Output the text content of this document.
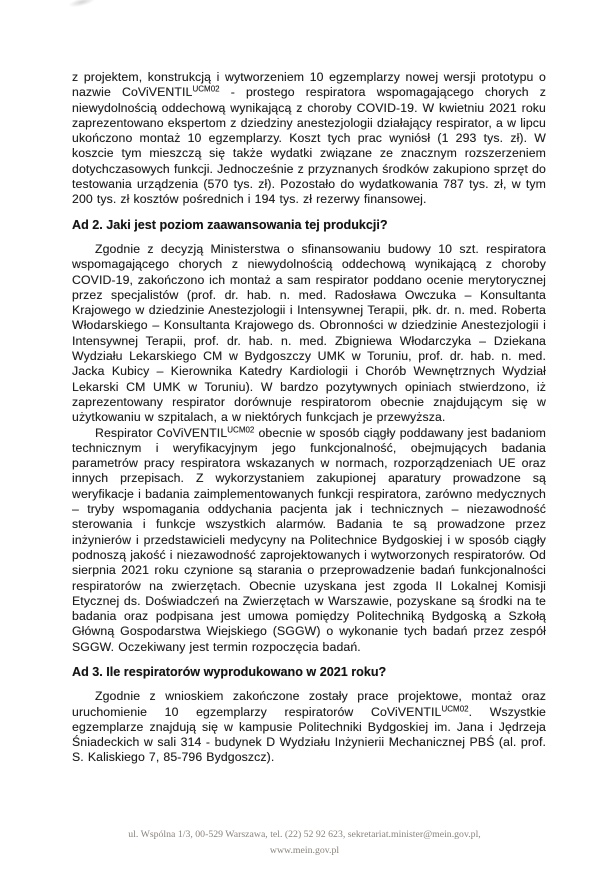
z projektem, konstrukcją i wytworzeniem 10 egzemplarzy nowej wersji prototypu o nazwie CoViVENTIL$^{UCM02}$ - prostego respiratora wspomagającego chorych z niewydolnością oddechową wynikającą z choroby COVID-19. W kwietniu 2021 roku zaprezentowano ekspertom z dziedziny anestezjologii działający respirator, a w lipcu ukończono montaż 10 egzemplarzy. Koszt tych prac wyniósł (1 293 tys. zł). W koszcie tym mieszczą się także wydatki związane ze znacznym rozszerzeniem dotychczasowych funkcji. Jednocześnie z przyznanych środków zakupiono sprzęt do testowania urządzenia (570 tys. zł). Pozostało do wydatkowania 787 tys. zł, w tym 200 tys. zł kosztów pośrednich i 194 tys. zł rezerwy finansowej.

Ad 2. Jaki jest poziom zaawansowania tej produkcji?

Zgodnie z decyzją Ministerstwa o sfinansowaniu budowy 10 szt. respiratora wspomagającego chorych z niewydolnością oddechową wynikającą z choroby COVID-19, zakończono ich montaż a sam respirator poddano ocenie merytorycznej przez specjalistów (prof. dr. hab. n. med. Radosława Owczuka – Konsultanta Krajowego w dziedzinie Anestezjologii i Intensywnej Terapii, płk. dr. n. med. Roberta Włodarskiego – Konsultanta Krajowego ds. Obronności w dziedzinie Anestezjologii i Intensywnej Terapii, prof. dr. hab. n. med. Zbigniewa Włodarczyka – Dziekana Wydziału Lekarskiego CM w Bydgoszczy UMK w Toruniu, prof. dr. hab. n. med. Jacka Kubicy – Kierownika Katedry Kardiologii i Chorób Wewnętrznych Wydział Lekarski CM UMK w Toruniu). W bardzo pozytywnych opiniach stwierdzono, iż zaprezentowany respirator dorównuje respiratorom obecnie znajdującym się w użytkowaniu w szpitalach, a w niektórych funkcjach je przewyższa.

Respirator CoViVENTIL$^{UCM02}$ obecnie w sposób ciągły poddawany jest badaniom technicznym i weryfikacyjnym jego funkcjonalność, obejmujących badania parametrów pracy respiratora wskazanych w normach, rozporządzeniach UE oraz innych przepisach. Z wykorzystaniem zakupionej aparatury prowadzone są weryfikacje i badania zaimplementowanych funkcji respiratora, zarówno medycznych – tryby wspomagania oddychania pacjenta jak i technicznych – niezawodność sterowania i funkcje wszystkich alarmów. Badania te są prowadzone przez inżynierów i przedstawicieli medycyny na Politechnice Bydgoskiej i w sposób ciągły podnoszą jakość i niezawodność zaprojektowanych i wytworzonych respiratorów. Od sierpnia 2021 roku czynione są starania o przeprowadzenie badań funkcjonalności respiratorów na zwierzętach. Obecnie uzyskana jest zgoda II Lokalnej Komisji Etycznej ds. Doświadczeń na Zwierzętach w Warszawie, pozyskane są środki na te badania oraz podpisana jest umowa pomiędzy Politechniką Bydgoską a Szkołą Główną Gospodarstwa Wiejskiego (SGGW) o wykonanie tych badań przez zespół SGGW. Oczekiwany jest termin rozpoczęcia badań.

Ad 3. Ile respiratorów wyprodukowano w 2021 roku?

Zgodnie z wnioskiem zakończone zostały prace projektowe, montaż oraz uruchomienie 10 egzemplarzy respiratorów CoViVENTIL$^{UCM02}$. Wszystkie egzemplarze znajdują się w kampusie Politechniki Bydgoskiej im. Jana i Jędrzeja Śniadeckich w sali 314 - budynek D Wydziału Inżynierii Mechanicznej PBŚ (al. prof. S. Kaliskiego 7, 85-796 Bydgoszcz).

ul. Wspólna 1/3, 00-529 Warszawa, tel. (22) 52 92 623, sekretariat.minister@mein.gov.pl,
www.mein.gov.pl
